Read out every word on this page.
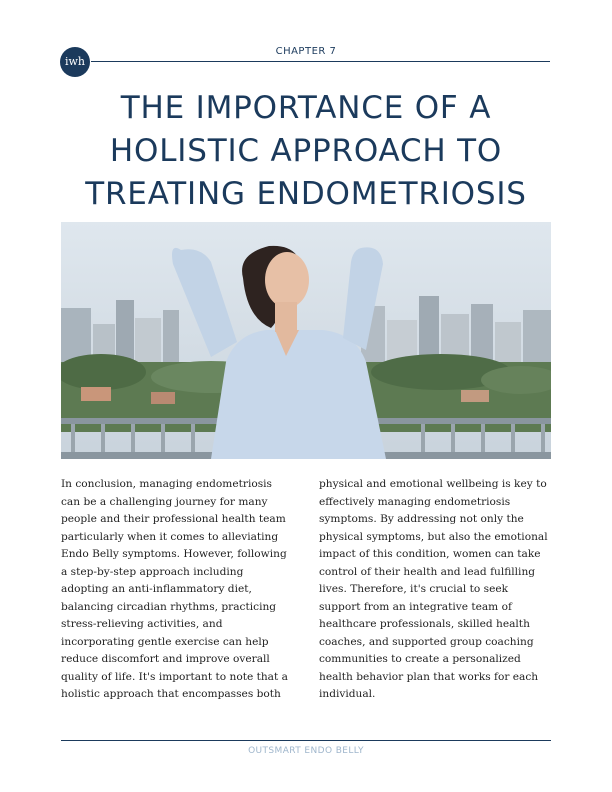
iwh
CHAPTER 7
THE IMPORTANCE OF A
HOLISTIC APPROACH TO
TREATING ENDOMETRIOSIS

In conclusion, managing endometriosis can be a challenging journey for many people and their professional health team particularly when it comes to alleviating Endo Belly symptoms. However, following a step-by-step approach including adopting an anti-inflammatory diet, balancing circadian rhythms, practicing stress-relieving activities, and incorporating gentle exercise can help reduce discomfort and improve overall quality of life. It's important to note that a holistic approach that encompasses both physical and emotional wellbeing is key to effectively managing endometriosis symptoms. By addressing not only the physical symptoms, but also the emotional impact of this condition, women can take control of their health and lead fulfilling lives. Therefore, it's crucial to seek support from an integrative team of healthcare professionals, skilled health coaches, and supported group coaching communities to create a personalized health behavior plan that works for each individual.

OUTSMART ENDO BELLY
